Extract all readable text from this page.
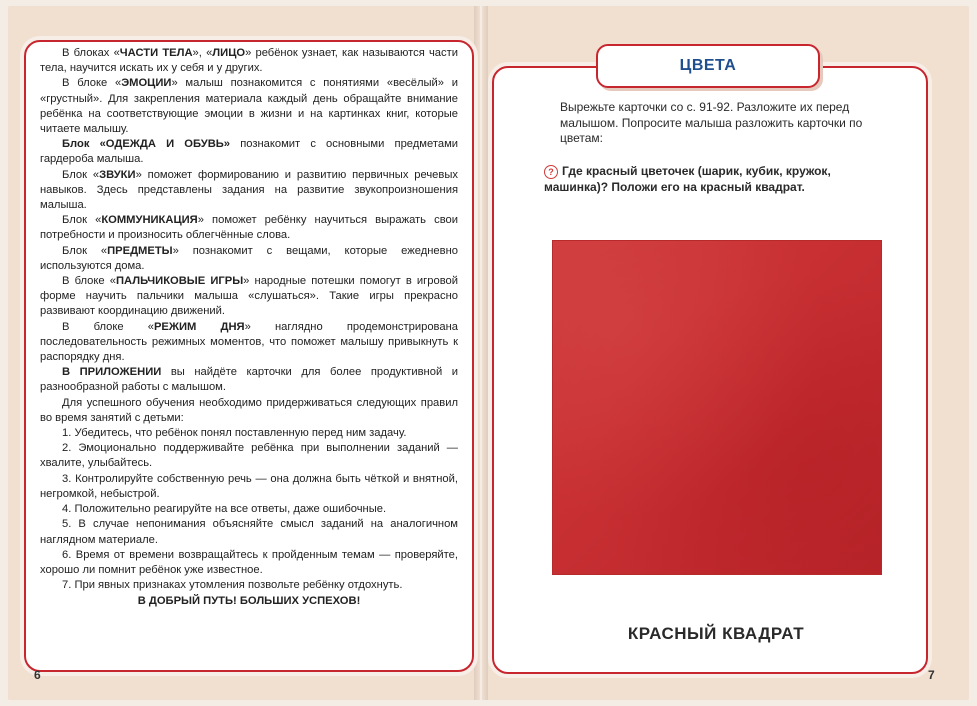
В блоках «ЧАСТИ ТЕЛА», «ЛИЦО» ребёнок узнает, как называются части тела, научится искать их у себя и у других.

В блоке «ЭМОЦИИ» малыш познакомится с понятиями «весёлый» и «грустный». Для закрепления материала каждый день обращайте внимание ребёнка на соответствующие эмоции в жизни и на картинках книг, которые читаете малышу.

Блок «ОДЕЖДА И ОБУВЬ» познакомит с основными предметами гардероба малыша.

Блок «ЗВУКИ» поможет формированию и развитию первичных речевых навыков. Здесь представлены задания на развитие звукопроизношения малыша.

Блок «КОММУНИКАЦИЯ» поможет ребёнку научиться выражать свои потребности и произносить облегчённые слова.

Блок «ПРЕДМЕТЫ» познакомит с вещами, которые ежедневно используются дома.

В блоке «ПАЛЬЧИКОВЫЕ ИГРЫ» народные потешки помогут в игровой форме научить пальчики малыша «слушаться». Такие игры прекрасно развивают координацию движений.

В блоке «РЕЖИМ ДНЯ» наглядно продемонстрирована последовательность режимных моментов, что поможет малышу привыкнуть к распорядку дня.

В ПРИЛОЖЕНИИ вы найдёте карточки для более продуктивной и разнообразной работы с малышом.

Для успешного обучения необходимо придерживаться следующих правил во время занятий с детьми:

1. Убедитесь, что ребёнок понял поставленную перед ним задачу.

2. Эмоционально поддерживайте ребёнка при выполнении заданий — хвалите, улыбайтесь.

3. Контролируйте собственную речь — она должна быть чёткой и внятной, негромкой, небыстрой.

4. Положительно реагируйте на все ответы, даже ошибочные.

5. В случае непонимания объясняйте смысл заданий на аналогичном наглядном материале.

6. Время от времени возвращайтесь к пройденным темам — проверяйте, хорошо ли помнит ребёнок уже известное.

7. При явных признаках утомления позвольте ребёнку отдохнуть.

В ДОБРЫЙ ПУТЬ! БОЛЬШИХ УСПЕХОВ!

6
ЦВЕТА
Вырежьте карточки со с. 91-92. Разложите их перед малышом. Попросите малыша разложить карточки по цветам:
? Где красный цветочек (шарик, кубик, кружок, машинка)? Положи его на красный квадрат.
КРАСНЫЙ КВАДРАТ
7
